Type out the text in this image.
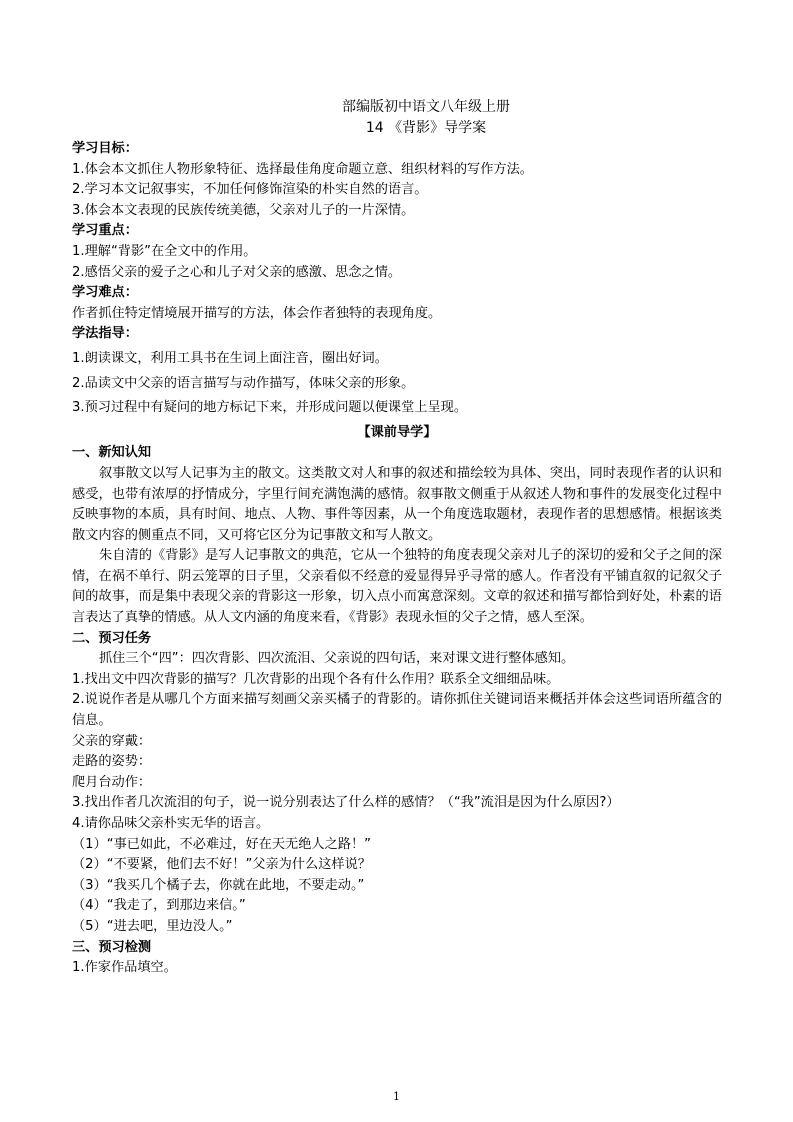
部编版初中语文八年级上册
14 《背影》导学案
学习目标：
1.体会本文抓住人物形象特征、选择最佳角度命题立意、组织材料的写作方法。
2.学习本文记叙事实，不加任何修饰渲染的朴实自然的语言。
3.体会本文表现的民族传统美德，父亲对儿子的一片深情。
学习重点：
1.理解“背影”在全文中的作用。
2.感悟父亲的爱子之心和儿子对父亲的感激、思念之情。
学习难点：
作者抓住特定情境展开描写的方法，体会作者独特的表现角度。
学法指导：
1.朗读课文，利用工具书在生词上面注音，圈出好词。
2.品读文中父亲的语言描写与动作描写，体味父亲的形象。
3.预习过程中有疑问的地方标记下来，并形成问题以便课堂上呈现。
【课前导学】
一、新知认知

叙事散文以写人记事为主的散文。这类散文对人和事的叙述和描绘较为具体、突出，同时表现作者的认识和感受，也带有浓厚的抒情成分，字里行间充满饱满的感情。叙事散文侧重于从叙述人物和事件的发展变化过程中反映事物的本质，具有时间、地点、人物、事件等因素，从一个角度选取题材，表现作者的思想感情。根据该类散文内容的侧重点不同，又可将它区分为记事散文和写人散文。

朱自清的《背影》是写人记事散文的典范，它从一个独特的角度表现父亲对儿子的深切的爱和父子之间的深情，在祸不单行、阴云笼罩的日子里，父亲看似不经意的爱显得异乎寻常的感人。作者没有平铺直叙的记叙父子间的故事，而是集中表现父亲的背影这一形象，切入点小而寓意深刻。文章的叙述和描写都恰到好处，朴素的语言表达了真挚的情感。从人文内涵的角度来看，《背影》表现永恒的父子之情，感人至深。

二、预习任务
抓住三个“四”：四次背影、四次流泪、父亲说的四句话，来对课文进行整体感知。
1.找出文中四次背影的描写？几次背影的出现个各有什么作用？联系全文细细品味。

2.说说作者是从哪几个方面来描写刻画父亲买橘子的背影的。请你抓住关键词语来概括并体会这些词语所蕴含的信息。

父亲的穿戴：
走路的姿势：
爬月台动作：
3.找出作者几次流泪的句子，说一说分别表达了什么样的感情？（“我”流泪是因为什么原因?）
4.请你品味父亲朴实无华的语言。
（1）“事已如此，不必难过，好在天无绝人之路！”
（2）“不要紧，他们去不好！”父亲为什么这样说？
（3）“我买几个橘子去，你就在此地，不要走动。”
（4）“我走了，到那边来信。”
（5）“进去吧，里边没人。”
三、预习检测
1.作家作品填空。
1
